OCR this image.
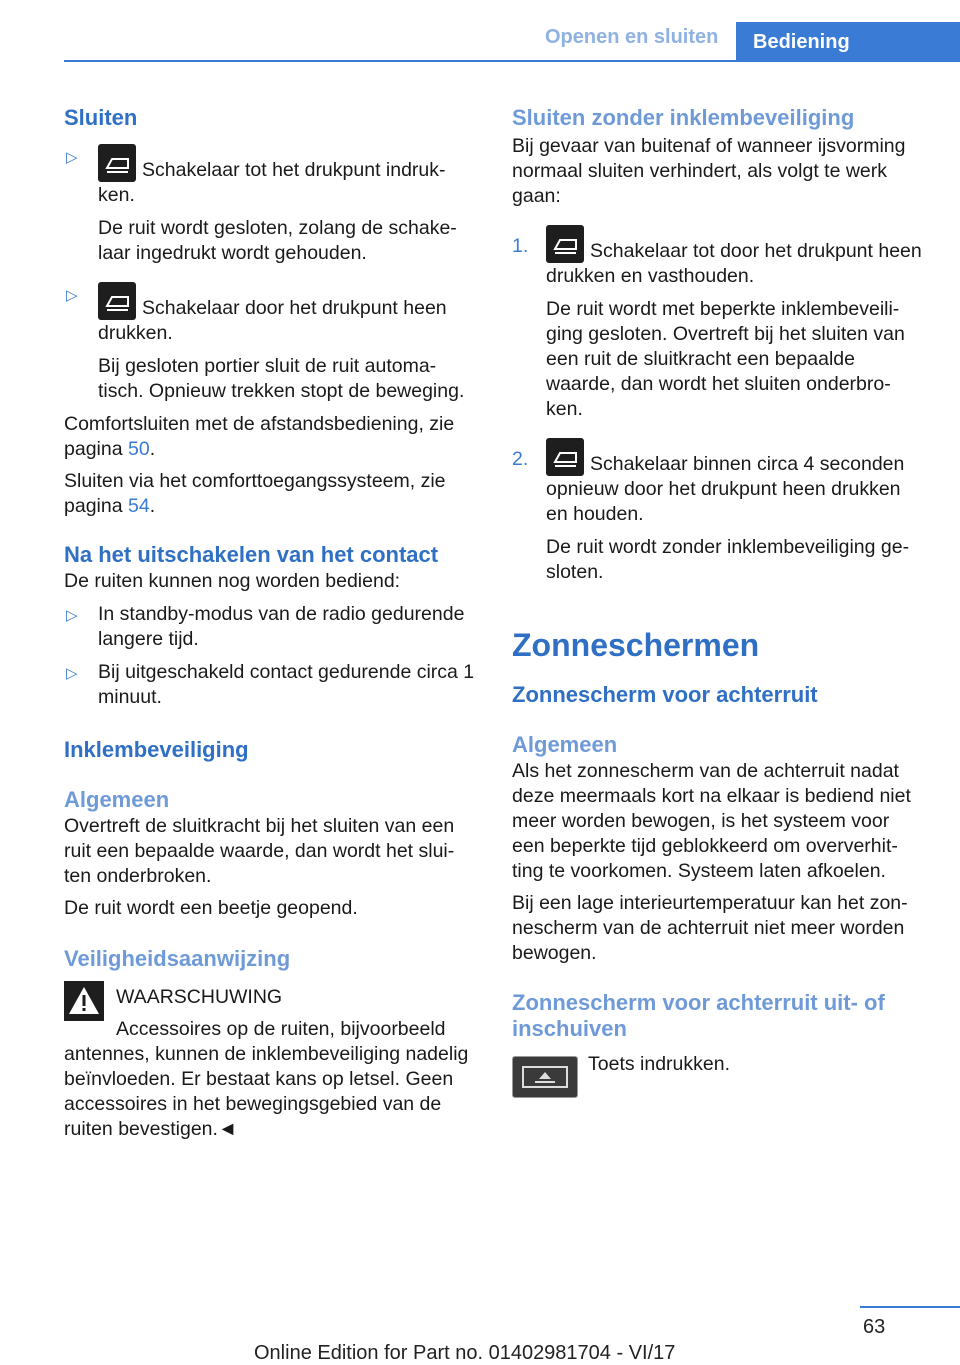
Openen en sluiten	Bediening
Sluiten
▷

Schakelaar tot het drukpunt indruk-ken.

De ruit wordt gesloten, zolang de schake-laar ingedrukt wordt gehouden.

▷

Schakelaar door het drukpunt heen drukken.

Bij gesloten portier sluit de ruit automa-tisch. Opnieuw trekken stopt de beweging.

Comfortsluiten met de afstandsbediening, zie pagina 50.

Sluiten via het comforttoegangssysteem, zie pagina 54.

Na het uitschakelen van het contact

De ruiten kunnen nog worden bediend:

▷ In standby-modus van de radio gedurende langere tijd.

▷ Bij uitgeschakeld contact gedurende circa 1 minuut.

Inklembeveiliging
Algemeen

Overtreft de sluitkracht bij het sluiten van een ruit een bepaalde waarde, dan wordt het slui-ten onderbroken.

De ruit wordt een beetje geopend.

Veiligheidsaanwijzing

WAARSCHUWING

Accessoires op de ruiten, bijvoorbeeld

antennes, kunnen de inklembeveiliging nadelig beïnvloeden. Er bestaat kans op letsel. Geen accessoires in het bewegingsgebied van de ruiten bevestigen.◄

Sluiten zonder inklembeveiliging

Bij gevaar van buitenaf of wanneer ijsvorming normaal sluiten verhindert, als volgt te werk gaan:

1.	Schakelaar tot door het drukpunt heen drukken en vasthouden.

De ruit wordt met beperkte inklembeveili-ging gesloten. Overtreft bij het sluiten van een ruit de sluitkracht een bepaalde waarde, dan wordt het sluiten onderbro-ken.

2.	Schakelaar binnen circa 4 seconden opnieuw door het drukpunt heen drukken en houden.

De ruit wordt zonder inklembeveiliging ge-sloten.

Zonneschermen
Zonnescherm voor achterruit
Algemeen

Als het zonnescherm van de achterruit nadat deze meermaals kort na elkaar is bediend niet meer worden bewogen, is het systeem voor een beperkte tijd geblokkeerd om oververhit-ting te voorkomen. Systeem laten afkoelen.

Bij een lage interieurtemperatuur kan het zon-nescherm van de achterruit niet meer worden bewogen.

Zonnescherm voor achterruit uit- of inschuiven

Toets indrukken.

63
Online Edition for Part no. 01402981704 - VI/17
